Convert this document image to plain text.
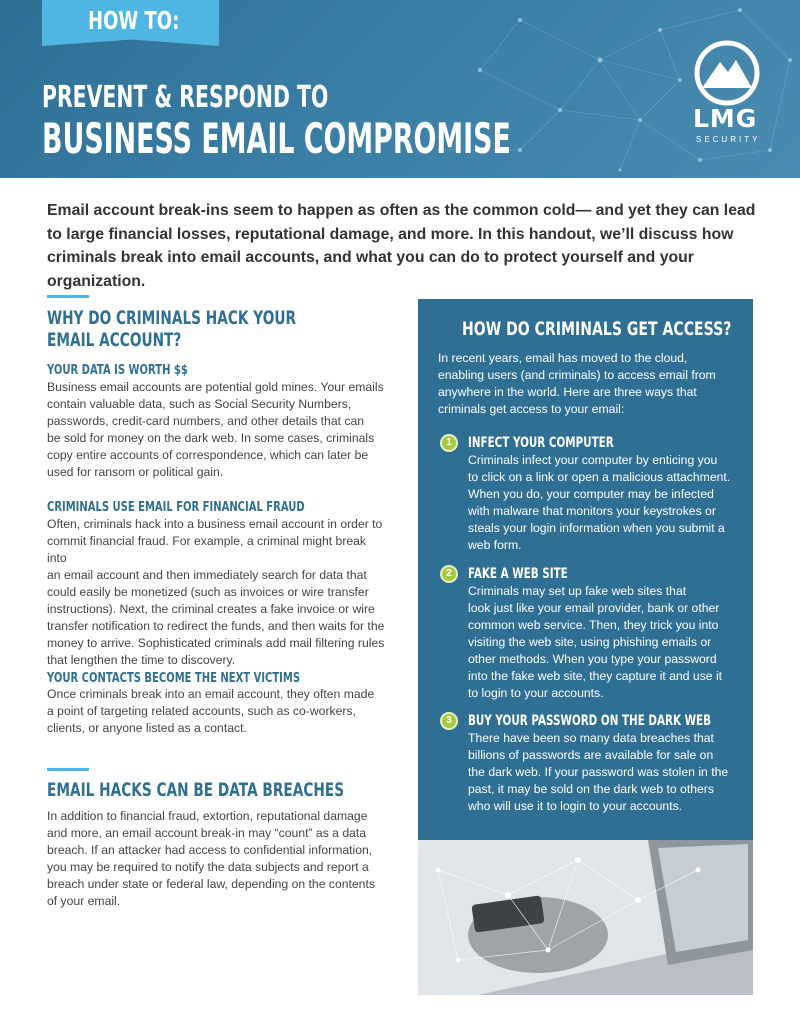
HOW TO:
PREVENT & RESPOND TO
BUSINESS EMAIL COMPROMISE	LMG
SECURITY
Email account break-ins seem to happen as often as the common cold— and yet they can lead to large financial losses, reputational damage, and more. In this handout, we’ll discuss how criminals break into email accounts, and what you can do to protect yourself and your organization.
WHY DO CRIMINALS HACK YOUR
EMAIL ACCOUNT?
YOUR DATA IS WORTH $$
Business email accounts are potential gold mines. Your emails
contain valuable data, such as Social Security Numbers,
passwords, credit-card numbers, and other details that can
be sold for money on the dark web. In some cases, criminals
copy entire accounts of correspondence, which can later be
used for ransom or political gain.
CRIMINALS USE EMAIL FOR FINANCIAL FRAUD
Often, criminals hack into a business email account in order to
commit financial fraud. For example, a criminal might break into
an email account and then immediately search for data that
could easily be monetized (such as invoices or wire transfer
instructions). Next, the criminal creates a fake invoice or wire
transfer notification to redirect the funds, and then waits for the
money to arrive. Sophisticated criminals add mail filtering rules
that lengthen the time to discovery.
YOUR CONTACTS BECOME THE NEXT VICTIMS
Once criminals break into an email account, they often made
a point of targeting related accounts, such as co-workers,
clients, or anyone listed as a contact.
EMAIL HACKS CAN BE DATA BREACHES
In addition to financial fraud, extortion, reputational damage
and more, an email account break-in may “count” as a data
breach. If an attacker had access to confidential information,
you may be required to notify the data subjects and report a
breach under state or federal law, depending on the contents
of your email.
HOW DO CRIMINALS GET ACCESS?
In recent years, email has moved to the cloud,
enabling users (and criminals) to access email from
anywhere in the world. Here are three ways that
criminals get access to your email:
1	INFECT YOUR COMPUTER
Criminals infect your computer by enticing you
to click on a link or open a malicious attachment.
When you do, your computer may be infected
with malware that monitors your keystrokes or
steals your login information when you submit a
web form.
2	FAKE A WEB SITE
Criminals may set up fake web sites that
look just like your email provider, bank or other
common web service. Then, they trick you into
visiting the web site, using phishing emails or
other methods. When you type your password
into the fake web site, they capture it and use it
to login to your accounts.
3	BUY YOUR PASSWORD ON THE DARK WEB
There have been so many data breaches that
billions of passwords are available for sale on
the dark web. If your password was stolen in the
past, it may be sold on the dark web to others
who will use it to login to your accounts.
